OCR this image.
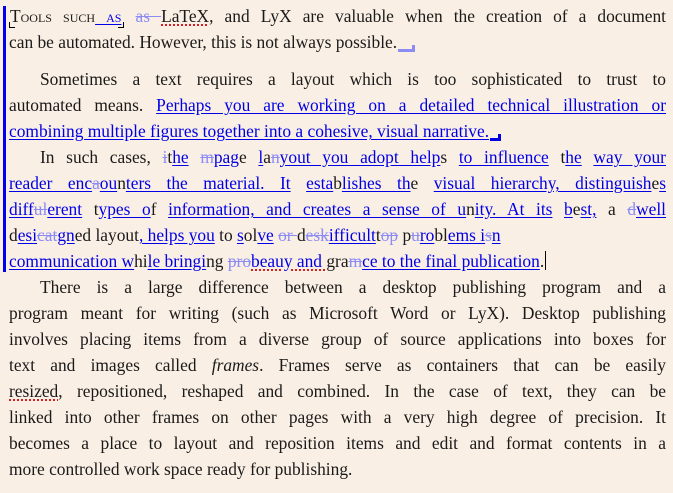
Tools such as as LaTeX, and LyX are valuable when the creation of a document
can be automated. However, this is not always possible.
Sometimes a text requires a layout which is too sophisticated to trust to
automated means. Perhaps you are working on a detailed technical illustration or
combining multiple figures together into a cohesive, visual narrative.
In such cases, ithe mpage lanyout you adopt helps to influence the way your
reader encaounters the material. It establishes the visual hierarchy, distinguishes
diffulerent types of information, and creates a sense of unity. At its best, a dwell
desicatgned layout, helps you to solve or deskifficulttop puroblems isn
communication while bringing probeauy and gramce to the final publication.
There is a large difference between a desktop publishing program and a
program meant for writing (such as Microsoft Word or LyX). Desktop publishing
involves placing items from a diverse group of source applications into boxes for
text and images called frames. Frames serve as containers that can be easily
resized, repositioned, reshaped and combined. In the case of text, they can be
linked into other frames on other pages with a very high degree of precision. It
becomes a place to layout and reposition items and edit and format contents in a
more controlled work space ready for publishing.
